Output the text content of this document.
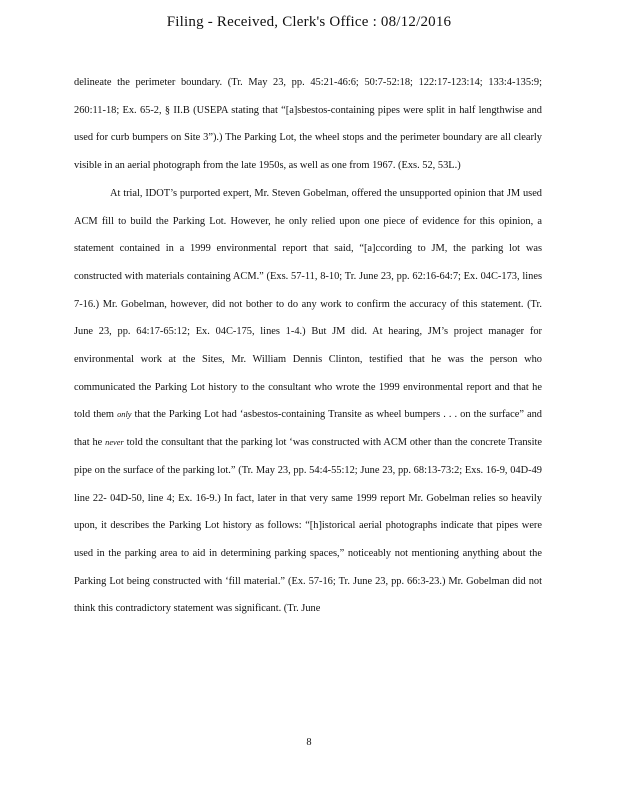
Filing - Received, Clerk's Office : 08/12/2016

delineate the perimeter boundary. (Tr. May 23, pp. 45:21-46:6; 50:7-52:18; 122:17-123:14; 133:4-135:9; 260:11-18; Ex. 65-2, § II.B (USEPA stating that “[a]sbestos-containing pipes were split in half lengthwise and used for curb bumpers on Site 3”).) The Parking Lot, the wheel stops and the perimeter boundary are all clearly visible in an aerial photograph from the late 1950s, as well as one from 1967. (Exs. 52, 53L.)

At trial, IDOT’s purported expert, Mr. Steven Gobelman, offered the unsupported opinion that JM used ACM fill to build the Parking Lot. However, he only relied upon one piece of evidence for this opinion, a statement contained in a 1999 environmental report that said, “[a]ccording to JM, the parking lot was constructed with materials containing ACM.” (Exs. 57-11, 8-10; Tr. June 23, pp. 62:16-64:7; Ex. 04C-173, lines 7-16.) Mr. Gobelman, however, did not bother to do any work to confirm the accuracy of this statement. (Tr. June 23, pp. 64:17-65:12; Ex. 04C-175, lines 1-4.) But JM did. At hearing, JM’s project manager for environmental work at the Sites, Mr. William Dennis Clinton, testified that he was the person who communicated the Parking Lot history to the consultant who wrote the 1999 environmental report and that he told them only that the Parking Lot had ‘asbestos-containing Transite as wheel bumpers . . . on the surface” and that he never told the consultant that the parking lot ‘was constructed with ACM other than the concrete Transite pipe on the surface of the parking lot.” (Tr. May 23, pp. 54:4-55:12; June 23, pp. 68:13-73:2; Exs. 16-9, 04D-49 line 22- 04D-50, line 4; Ex. 16-9.) In fact, later in that very same 1999 report Mr. Gobelman relies so heavily upon, it describes the Parking Lot history as follows: “[h]istorical aerial photographs indicate that pipes were used in the parking area to aid in determining parking spaces,” noticeably not mentioning anything about the Parking Lot being constructed with ‘fill material.” (Ex. 57-16; Tr. June 23, pp. 66:3-23.) Mr. Gobelman did not think this contradictory statement was significant. (Tr. June

8
